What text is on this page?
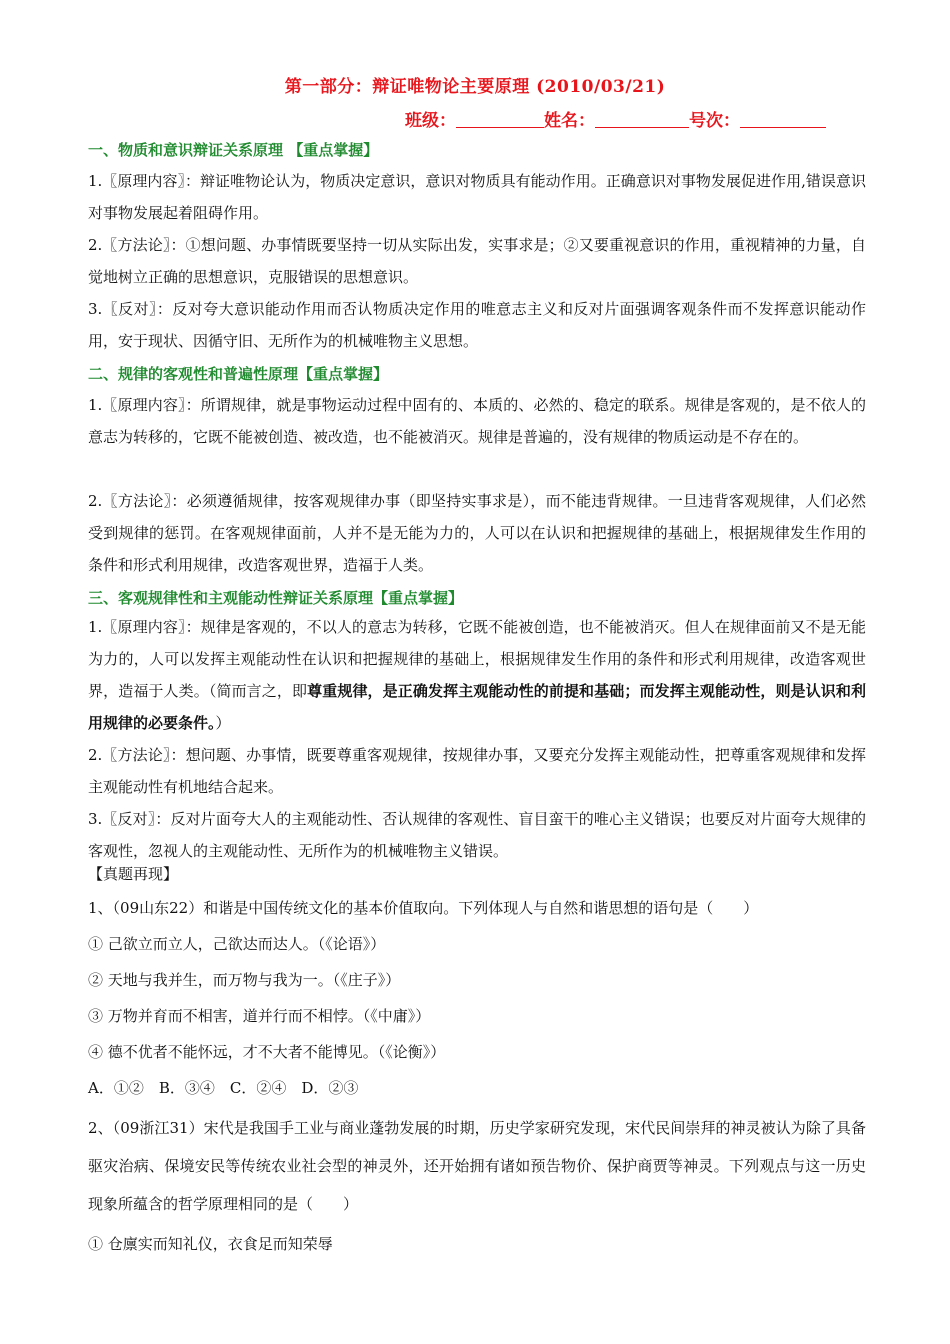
第一部分：辩证唯物论主要原理 (2010/03/21)
班级：	姓名：	号次：
一、物质和意识辩证关系原理 【重点掌握】
1.〖原理内容〗：辩证唯物论认为，物质决定意识，意识对物质具有能动作用。正确意识对事物发展促进作用,错误意识对事物发展起着阻碍作用。
2.〖方法论〗：①想问题、办事情既要坚持一切从实际出发，实事求是；②又要重视意识的作用，重视精神的力量，自觉地树立正确的思想意识，克服错误的思想意识。
3.〖反对〗：反对夸大意识能动作用而否认物质决定作用的唯意志主义和反对片面强调客观条件而不发挥意识能动作用，安于现状、因循守旧、无所作为的机械唯物主义思想。
二、规律的客观性和普遍性原理【重点掌握】
1.〖原理内容〗：所谓规律，就是事物运动过程中固有的、本质的、必然的、稳定的联系。规律是客观的，是不依人的意志为转移的，它既不能被创造、被改造，也不能被消灭。规律是普遍的，没有规律的物质运动是不存在的。
2.〖方法论〗：必须遵循规律，按客观规律办事（即坚持实事求是），而不能违背规律。一旦违背客观规律，人们必然受到规律的惩罚。在客观规律面前，人并不是无能为力的，人可以在认识和把握规律的基础上，根据规律发生作用的条件和形式利用规律，改造客观世界，造福于人类。
三、客观规律性和主观能动性辩证关系原理【重点掌握】
1.〖原理内容〗：规律是客观的，不以人的意志为转移，它既不能被创造，也不能被消灭。但人在规律面前又不是无能为力的，人可以发挥主观能动性在认识和把握规律的基础上，根据规律发生作用的条件和形式利用规律，改造客观世界，造福于人类。（简而言之，即尊重规律，是正确发挥主观能动性的前提和基础；而发挥主观能动性，则是认识和利用规律的必要条件。）
2.〖方法论〗：想问题、办事情，既要尊重客观规律，按规律办事，又要充分发挥主观能动性，把尊重客观规律和发挥主观能动性有机地结合起来。
3.〖反对〗：反对片面夸大人的主观能动性、否认规律的客观性、盲目蛮干的唯心主义错误；也要反对片面夸大规律的客观性，忽视人的主观能动性、无所作为的机械唯物主义错误。
【真题再现】
1、（09山东22）和谐是中国传统文化的基本价值取向。下列体现人与自然和谐思想的语句是（　　）
① 己欲立而立人，己欲达而达人。（《论语》）
② 天地与我并生，而万物与我为一。（《庄子》）
③ 万物并育而不相害，道并行而不相悖。（《中庸》）
④ 德不优者不能怀远，才不大者不能博见。（《论衡》）
A．①②　B．③④　C．②④　D．②③
2、（09浙江31）宋代是我国手工业与商业蓬勃发展的时期，历史学家研究发现，宋代民间崇拜的神灵被认为除了具备驱灾治病、保境安民等传统农业社会型的神灵外，还开始拥有诸如预告物价、保护商贾等神灵。下列观点与这一历史现象所蕴含的哲学原理相同的是（　　）
① 仓廪实而知礼仪，衣食足而知荣辱
